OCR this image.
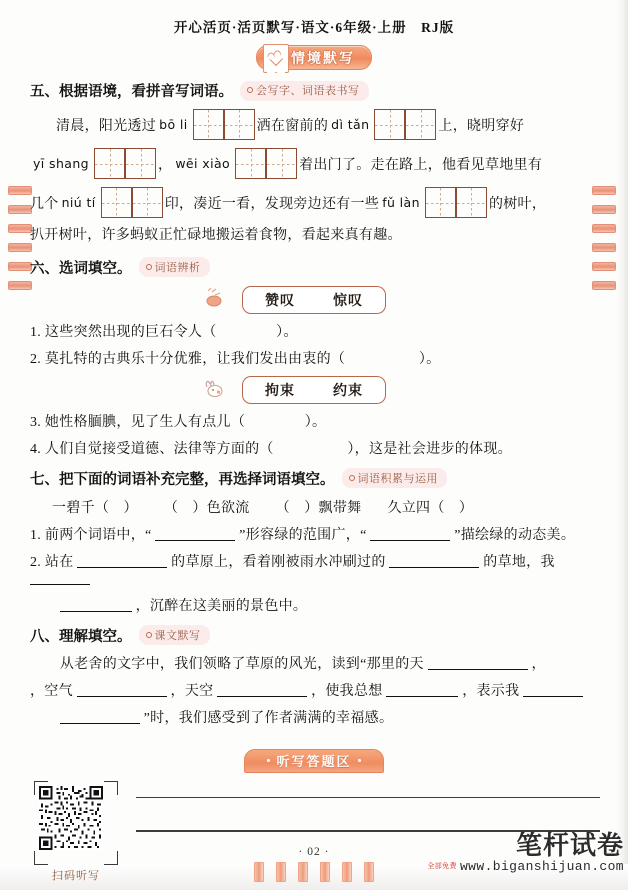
开心活页·活页默写·语文·6年级·上册　RJ版
情境默写
五、根据语境，看拼音写词语。 会写字、词语表书写
清晨，阳光透过 bō li	洒在窗前的 dì tǎn	上，晓明穿好
yī shang	， wēi xiào	着出门了。走在路上，他看见草地里有
几个 niú tí	印，凑近一看，发现旁边还有一些 fǔ làn	的树叶，
扒开树叶，许多蚂蚁正忙碌地搬运着食物，看起来真有趣。
六、选词填空。 词语辨析
赞叹	惊叹
1. 这些突然出现的巨石令人（	）。
2. 莫扎特的古典乐十分优雅，让我们发出由衷的（	）。
拘束	约束
3. 她性格腼腆，见了生人有点儿（	）。
4. 人们自觉接受道德、法律等方面的（	），这是社会进步的体现。
七、把下面的词语补充完整，再选择词语填空。 词语积累与运用
一碧千（　） （　）色欲流 （　）飘带舞 久立四（　）
1. 前两个词语中，“	”形容绿的范围广，“	”描绘绿的动态美。
2. 站在	的草原上，看着刚被雨水冲刷过的	的草地，我
，沉醉在这美丽的景色中。
八、理解填空。 课文默写
从老舍的文字中，我们领略了草原的风光，读到“那里的天	，
，空气	，天空	，使我总想	，表示我
”时，我们感受到了作者满满的幸福感。
听写答题区
扫码听写
· 02 ·	笔杆试卷
全部免费 www.biganshijuan.com
